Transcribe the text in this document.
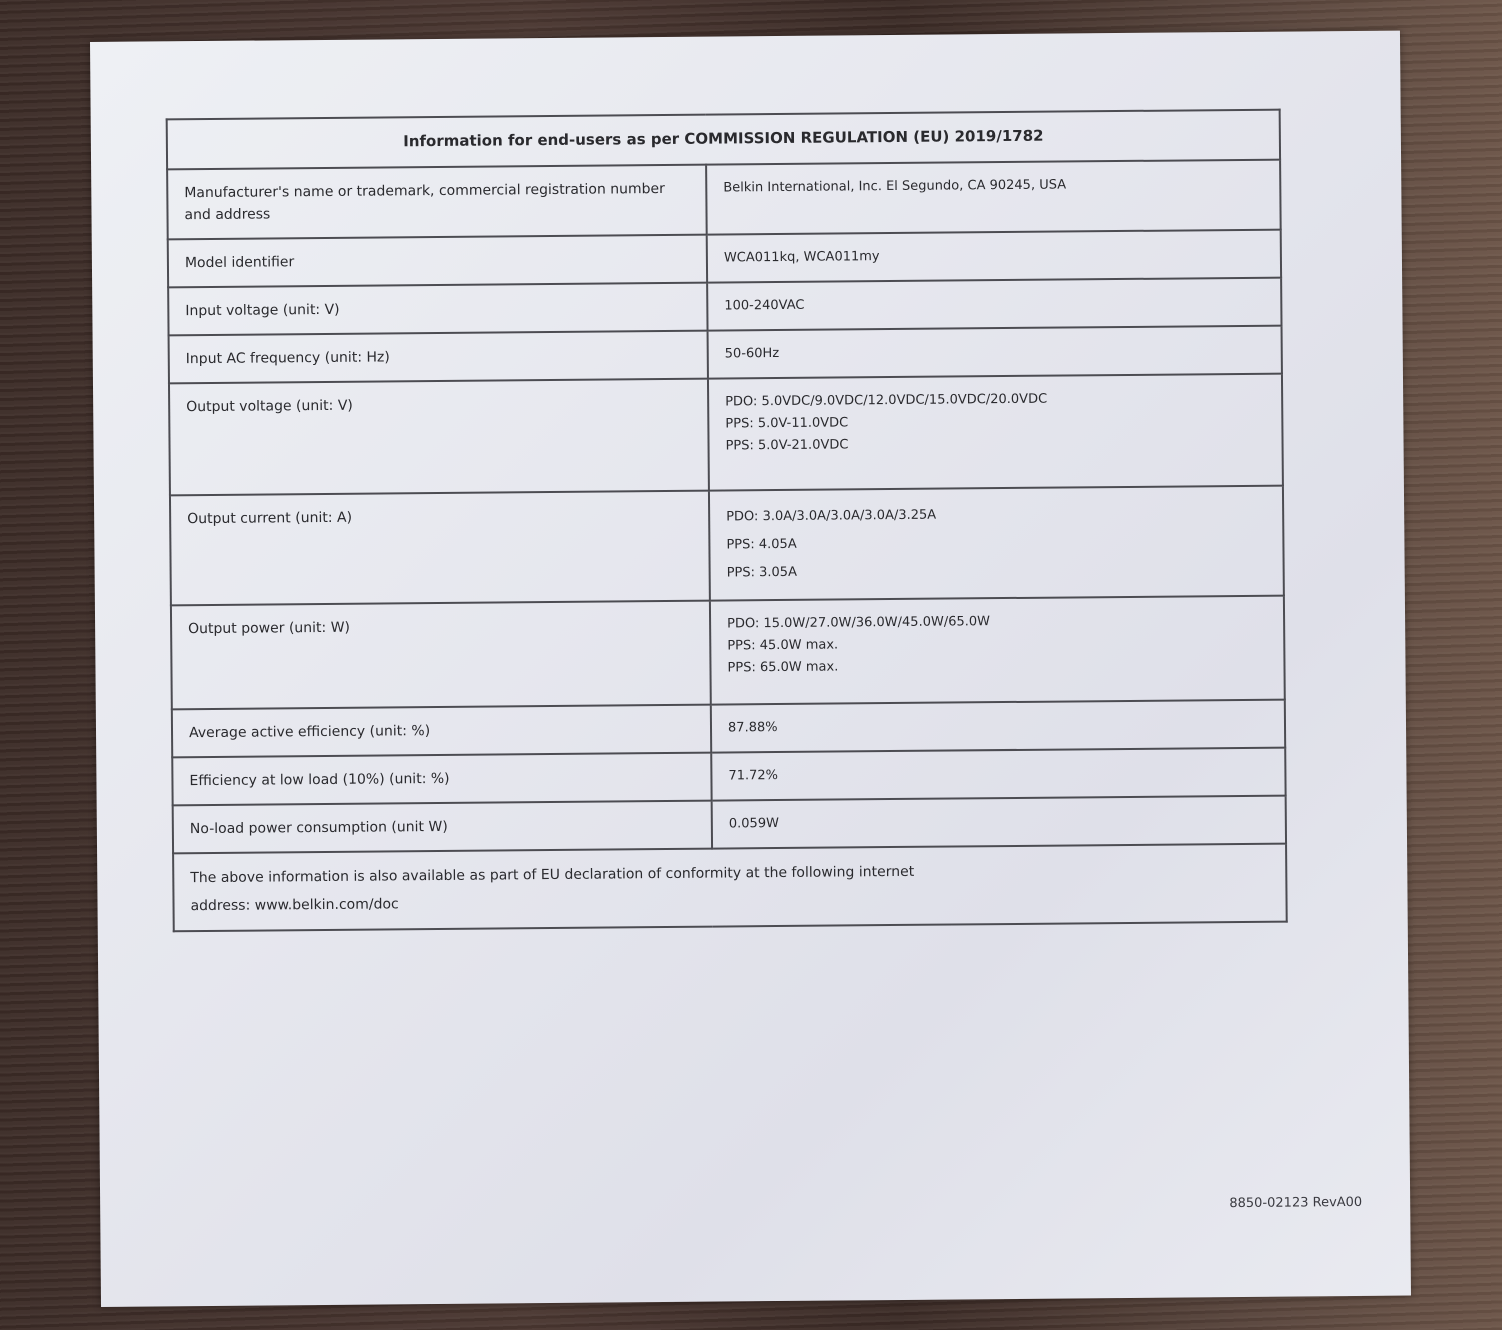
Information for end-users as per COMMISSION REGULATION (EU) 2019/1782	
Manufacturer's name or trademark, commercial registration number and address	Belkin International, Inc. El Segundo, CA 90245, USA

Model identifier	WCA011kq, WCA011my

Input voltage (unit: V)	100-240VAC

Input AC frequency (unit: Hz)	50-60Hz

Output voltage (unit: V)	PDO: 5.0VDC/9.0VDC/12.0VDC/15.0VDC/20.0VDC
PPS: 5.0V-11.0VDC
PPS: 5.0V-21.0VDC

Output current (unit: A)	PDO: 3.0A/3.0A/3.0A/3.0A/3.25A
PPS: 4.05A
PPS: 3.05A

Output power (unit: W)	PDO: 15.0W/27.0W/36.0W/45.0W/65.0W
PPS: 45.0W max.
PPS: 65.0W max.

Average active efficiency (unit: %)	87.88%

Efficiency at low load (10%) (unit: %)	71.72%

No-load power consumption (unit W)	0.059W

The above information is also available as part of EU declaration of conformity at the following internet
address: www.belkin.com/doc	
8850-02123 RevA00
